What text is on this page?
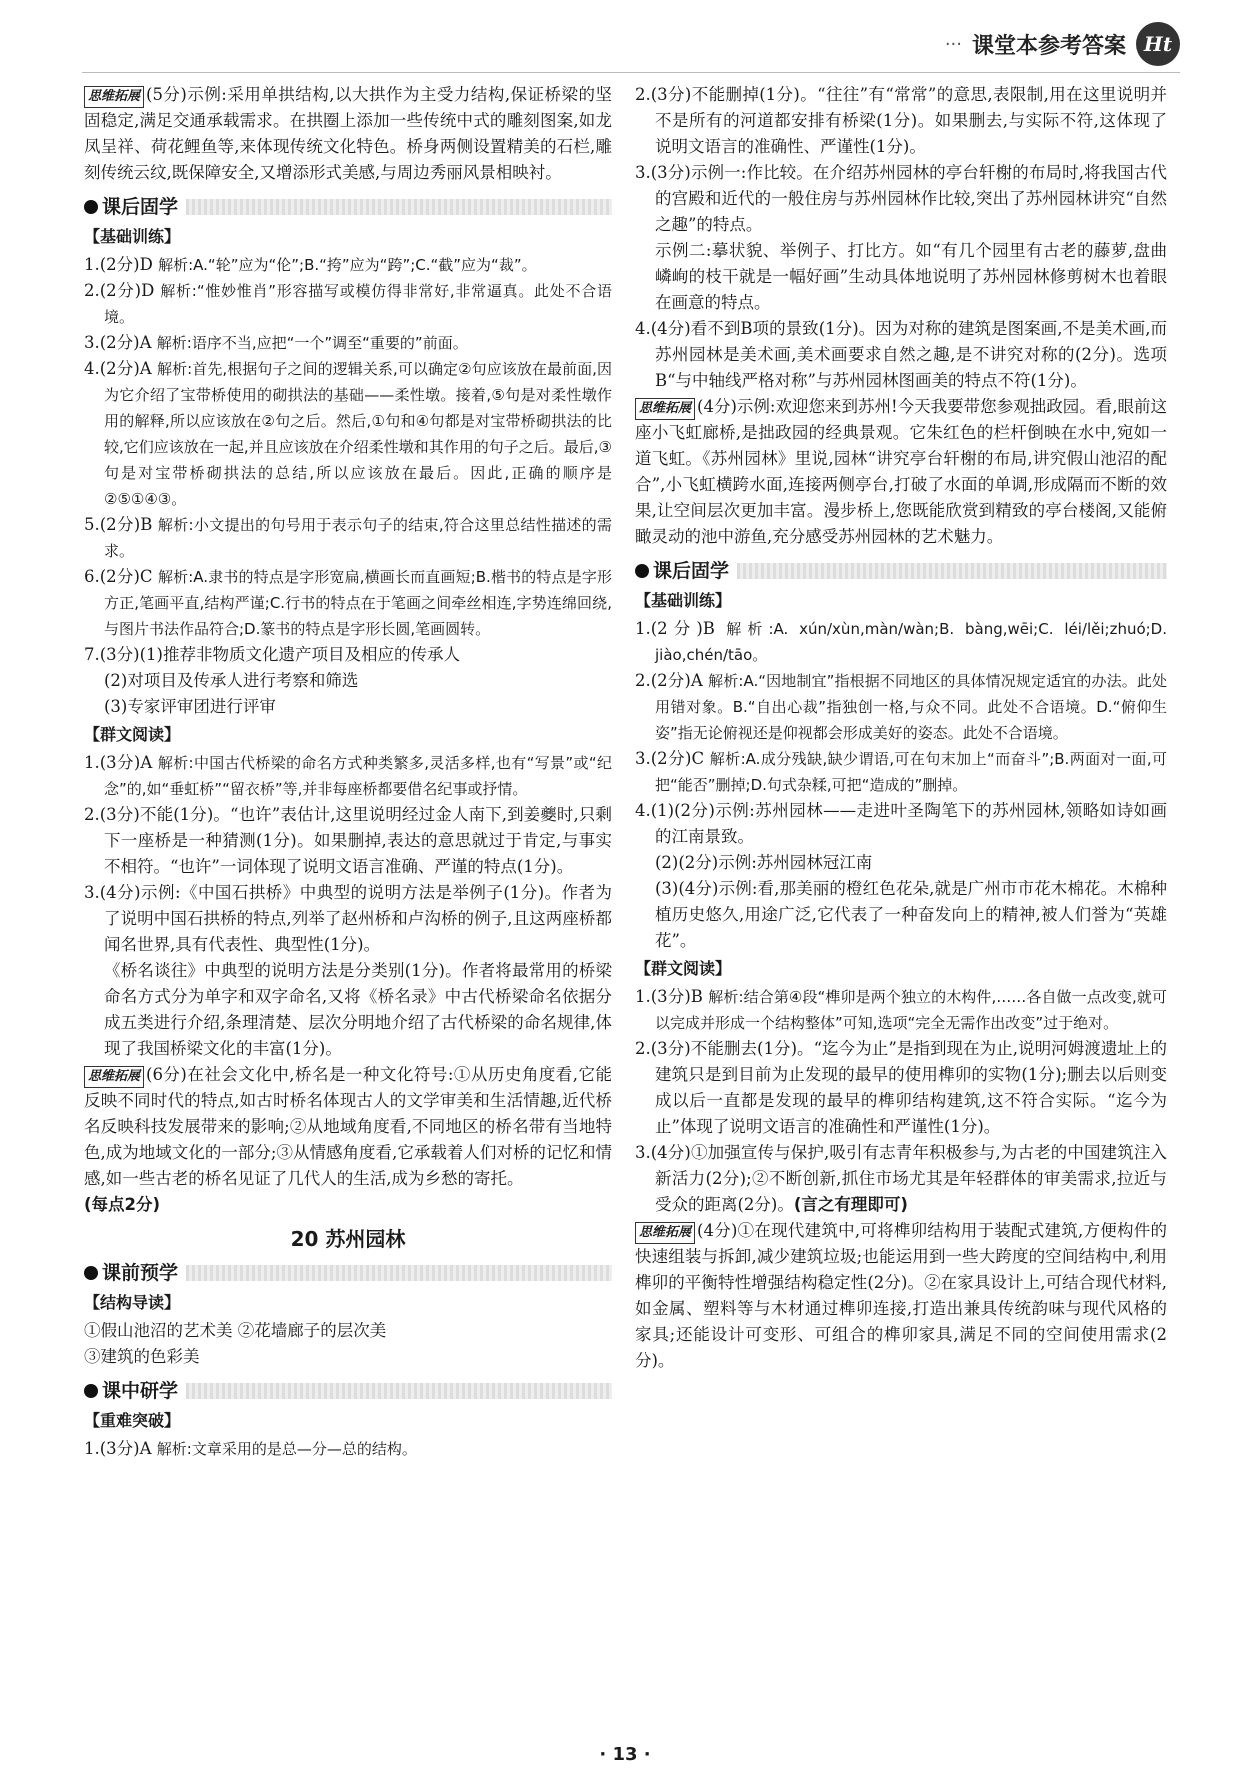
··· 课堂本参考答案 Ht

思维拓展 (5分)示例:采用单拱结构,以大拱作为主受力结构,保证桥梁的坚固稳定,满足交通承载需求。在拱圈上添加一些传统中式的雕刻图案,如龙凤呈祥、荷花鲤鱼等,来体现传统文化特色。桥身两侧设置精美的石栏,雕刻传统云纹,既保障安全,又增添形式美感,与周边秀丽风景相映衬。

课后固学

【基础训练】

1.(2分)D 解析:A.“轮”应为“伦”;B.“挎”应为“跨”;C.“截”应为“裁”。

2.(2分)D 解析:“惟妙惟肖”形容描写或模仿得非常好,非常逼真。此处不合语境。

3.(2分)A 解析:语序不当,应把“一个”调至“重要的”前面。

4.(2分)A 解析:首先,根据句子之间的逻辑关系,可以确定②句应该放在最前面,因为它介绍了宝带桥使用的砌拱法的基础——柔性墩。接着,⑤句是对柔性墩作用的解释,所以应该放在②句之后。然后,①句和④句都是对宝带桥砌拱法的比较,它们应该放在一起,并且应该放在介绍柔性墩和其作用的句子之后。最后,③句是对宝带桥砌拱法的总结,所以应该放在最后。因此,正确的顺序是②⑤①④③。

5.(2分)B 解析:小文提出的句号用于表示句子的结束,符合这里总结性描述的需求。

6.(2分)C 解析:A.隶书的特点是字形宽扁,横画长而直画短;B.楷书的特点是字形方正,笔画平直,结构严谨;C.行书的特点在于笔画之间牵丝相连,字势连绵回绕,与图片书法作品符合;D.篆书的特点是字形长圆,笔画圆转。

7.(3分)(1)推荐非物质文化遗产项目及相应的传承人

(2)对项目及传承人进行考察和筛选

(3)专家评审团进行评审

【群文阅读】

1.(3分)A 解析:中国古代桥梁的命名方式种类繁多,灵活多样,也有“写景”或“纪念”的,如“垂虹桥”“留衣桥”等,并非每座桥都要借名纪事或抒情。

2.(3分)不能(1分)。“也许”表估计,这里说明经过金人南下,到姜夔时,只剩下一座桥是一种猜测(1分)。如果删掉,表达的意思就过于肯定,与事实不相符。“也许”一词体现了说明文语言准确、严谨的特点(1分)。

3.(4分)示例:《中国石拱桥》中典型的说明方法是举例子(1分)。作者为了说明中国石拱桥的特点,列举了赵州桥和卢沟桥的例子,且这两座桥都闻名世界,具有代表性、典型性(1分)。

《桥名谈往》中典型的说明方法是分类别(1分)。作者将最常用的桥梁命名方式分为单字和双字命名,又将《桥名录》中古代桥梁命名依据分成五类进行介绍,条理清楚、层次分明地介绍了古代桥梁的命名规律,体现了我国桥梁文化的丰富(1分)。

思维拓展 (6分)在社会文化中,桥名是一种文化符号:①从历史角度看,它能反映不同时代的特点,如古时桥名体现古人的文学审美和生活情趣,近代桥名反映科技发展带来的影响;②从地域角度看,不同地区的桥名带有当地特色,成为地域文化的一部分;③从情感角度看,它承载着人们对桥的记忆和情感,如一些古老的桥名见证了几代人的生活,成为乡愁的寄托。

(每点2分)

20 苏州园林
课前预学

【结构导读】

①假山池沼的艺术美 ②花墙廊子的层次美

③建筑的色彩美

课中研学

【重难突破】

1.(3分)A 解析:文章采用的是总—分—总的结构。

2.(3分)不能删掉(1分)。“往往”有“常常”的意思,表限制,用在这里说明并不是所有的河道都安排有桥梁(1分)。如果删去,与实际不符,这体现了说明文语言的准确性、严谨性(1分)。

3.(3分)示例一:作比较。在介绍苏州园林的亭台轩榭的布局时,将我国古代的宫殿和近代的一般住房与苏州园林作比较,突出了苏州园林讲究“自然之趣”的特点。

示例二:摹状貌、举例子、打比方。如“有几个园里有古老的藤萝,盘曲嶙峋的枝干就是一幅好画”生动具体地说明了苏州园林修剪树木也着眼在画意的特点。

4.(4分)看不到B项的景致(1分)。因为对称的建筑是图案画,不是美术画,而苏州园林是美术画,美术画要求自然之趣,是不讲究对称的(2分)。选项B“与中轴线严格对称”与苏州园林图画美的特点不符(1分)。

思维拓展 (4分)示例:欢迎您来到苏州!今天我要带您参观拙政园。看,眼前这座小飞虹廊桥,是拙政园的经典景观。它朱红色的栏杆倒映在水中,宛如一道飞虹。《苏州园林》里说,园林“讲究亭台轩榭的布局,讲究假山池沼的配合”,小飞虹横跨水面,连接两侧亭台,打破了水面的单调,形成隔而不断的效果,让空间层次更加丰富。漫步桥上,您既能欣赏到精致的亭台楼阁,又能俯瞰灵动的池中游鱼,充分感受苏州园林的艺术魅力。

课后固学

【基础训练】

1.(2分)B 解析:A. xún/xùn,màn/wàn;B. bàng,wēi;C. léi/lěi;zhuó;D. jiào,chén/tāo。

2.(2分)A 解析:A.“因地制宜”指根据不同地区的具体情况规定适宜的办法。此处用错对象。B.“自出心裁”指独创一格,与众不同。此处不合语境。D.“俯仰生姿”指无论俯视还是仰视都会形成美好的姿态。此处不合语境。

3.(2分)C 解析:A.成分残缺,缺少谓语,可在句末加上“而奋斗”;B.两面对一面,可把“能否”删掉;D.句式杂糅,可把“造成的”删掉。

4.(1)(2分)示例:苏州园林——走进叶圣陶笔下的苏州园林,领略如诗如画的江南景致。

(2)(2分)示例:苏州园林冠江南

(3)(4分)示例:看,那美丽的橙红色花朵,就是广州市市花木棉花。木棉种植历史悠久,用途广泛,它代表了一种奋发向上的精神,被人们誉为“英雄花”。

【群文阅读】

1.(3分)B 解析:结合第④段“榫卯是两个独立的木构件,……各自做一点改变,就可以完成并形成一个结构整体”可知,选项“完全无需作出改变”过于绝对。

2.(3分)不能删去(1分)。“迄今为止”是指到现在为止,说明河姆渡遗址上的建筑只是到目前为止发现的最早的使用榫卯的实物(1分);删去以后则变成以后一直都是发现的最早的榫卯结构建筑,这不符合实际。“迄今为止”体现了说明文语言的准确性和严谨性(1分)。

3.(4分)①加强宣传与保护,吸引有志青年积极参与,为古老的中国建筑注入新活力(2分);②不断创新,抓住市场尤其是年轻群体的审美需求,拉近与受众的距离(2分)。(言之有理即可)

思维拓展 (4分)①在现代建筑中,可将榫卯结构用于装配式建筑,方便构件的快速组装与拆卸,减少建筑垃圾;也能运用到一些大跨度的空间结构中,利用榫卯的平衡特性增强结构稳定性(2分)。②在家具设计上,可结合现代材料,如金属、塑料等与木材通过榫卯连接,打造出兼具传统韵味与现代风格的家具;还能设计可变形、可组合的榫卯家具,满足不同的空间使用需求(2分)。

· 13 ·
